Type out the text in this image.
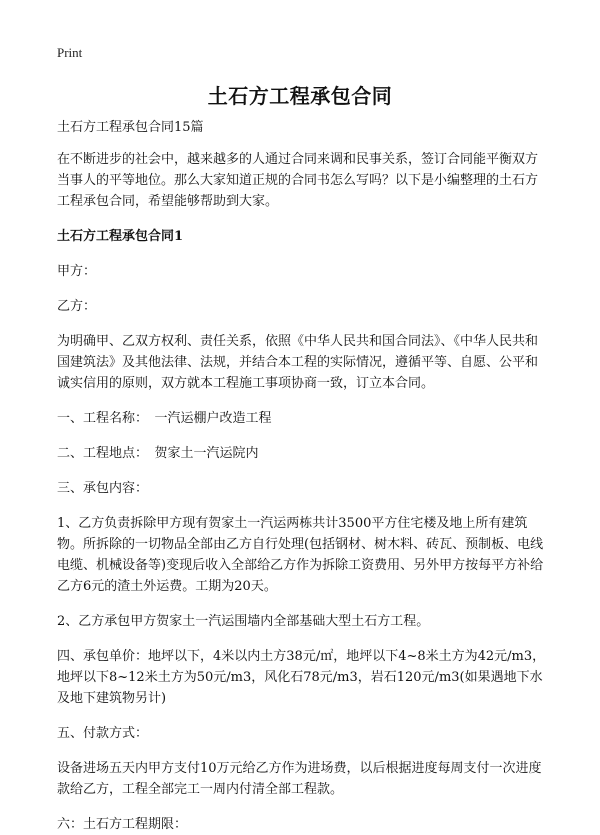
Print
土石方工程承包合同

土石方工程承包合同15篇

在不断进步的社会中，越来越多的人通过合同来调和民事关系，签订合同能平衡双方当事人的平等地位。那么大家知道正规的合同书怎么写吗？以下是小编整理的土石方工程承包合同，希望能够帮助到大家。

土石方工程承包合同1

甲方：

乙方：

为明确甲、乙双方权利、责任关系，依照《中华人民共和国合同法》、《中华人民共和国建筑法》及其他法律、法规，并结合本工程的实际情况，遵循平等、自愿、公平和诚实信用的原则，双方就本工程施工事项协商一致，订立本合同。

一、工程名称：　一汽运棚户改造工程

二、工程地点：　贺家土一汽运院内

三、承包内容：

1、乙方负责拆除甲方现有贺家土一汽运两栋共计3500平方住宅楼及地上所有建筑物。所拆除的一切物品全部由乙方自行处理(包括钢材、树木料、砖瓦、预制板、电线电缆、机械设备等)变现后收入全部给乙方作为拆除工资费用、另外甲方按每平方补给乙方6元的渣土外运费。工期为20天。

2、乙方承包甲方贺家土一汽运围墙内全部基础大型土石方工程。

四、承包单价：地坪以下，4米以内土方38元/㎡，地坪以下4~8米土方为42元/m3，地坪以下8~12米土方为50元/m3，风化石78元/m3，岩石120元/m3(如果遇地下水及地下建筑物另计)

五、付款方式：

设备进场五天内甲方支付10万元给乙方作为进场费，以后根据进度每周支付一次进度款给乙方，工程全部完工一周内付清全部工程款。

六：土石方工程期限：
